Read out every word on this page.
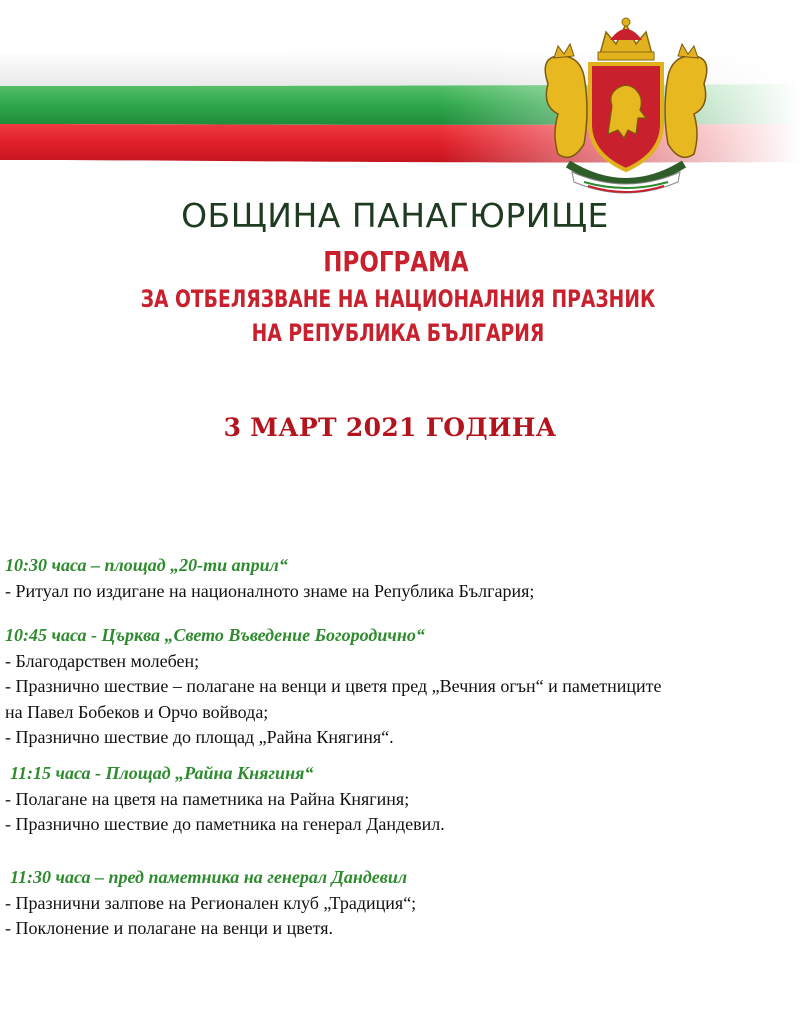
ОБЩИНА ПАНАГЮРИЩЕ
ПРОГРАМА
ЗА ОТБЕЛЯЗВАНЕ НА НАЦИОНАЛНИЯ ПРАЗНИК
НА РЕПУБЛИКА БЪЛГАРИЯ
3 МАРТ 2021 ГОДИНА
10:30 часа – площад „20-ти април“
- Ритуал по издигане на националното знаме на Република България;
10:45 часа - Църква „Свето Въведение Богородично“
- Благодарствен молебен;
- Празнично шествие – полагане на венци и цветя пред „Вечния огън“ и паметниците
на Павел Бобеков и Орчо войвода;
- Празнично шествие до площад „Райна Княгиня“.
11:15 часа - Площад „Райна Княгиня“
- Полагане на цветя на паметника на Райна Княгиня;
- Празнично шествие до паметника на генерал Дандевил.
11:30 часа – пред паметника на генерал Дандевил
- Празнични залпове на Регионален клуб „Традиция“;
- Поклонение и полагане на венци и цветя.
